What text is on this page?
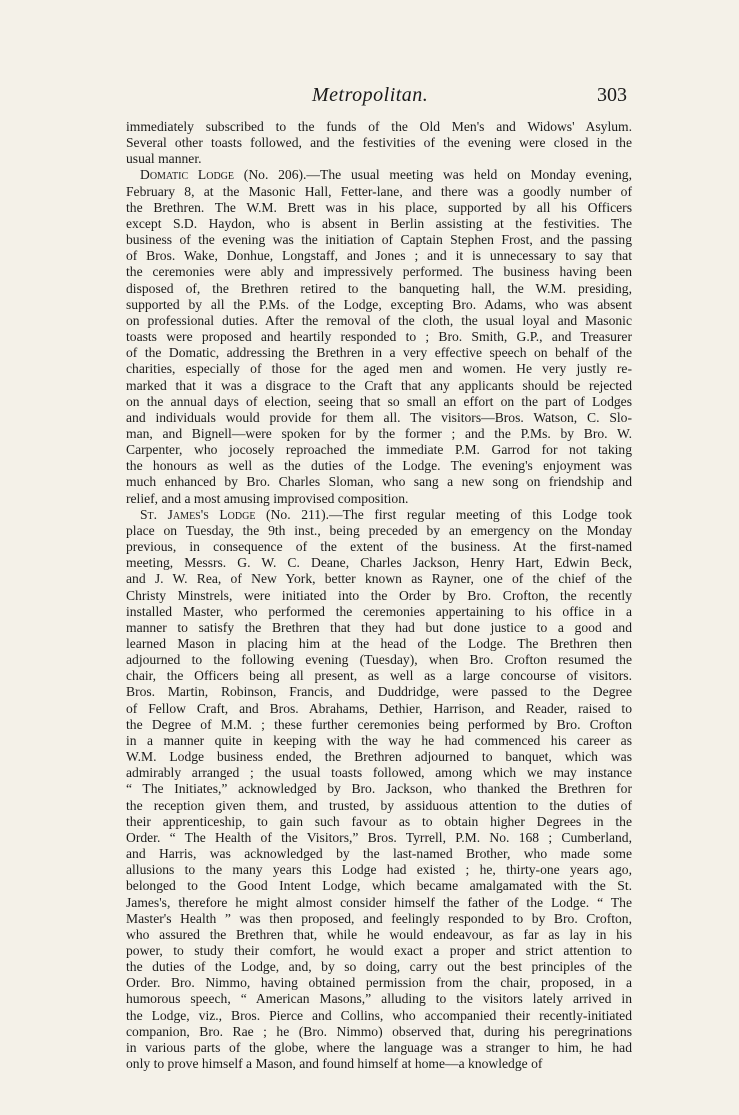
Metropolitan.	303

immediately subscribed to the funds of the Old Men's and Widows' Asylum.

Several other toasts followed, and the festivities of the evening were closed in the

usual manner.

Domatic Lodge (No. 206).—The usual meeting was held on Monday evening,

February 8, at the Masonic Hall, Fetter-lane, and there was a goodly number of

the Brethren. The W.M. Brett was in his place, supported by all his Officers

except S.D. Haydon, who is absent in Berlin assisting at the festivities. The

business of the evening was the initiation of Captain Stephen Frost, and the passing

of Bros. Wake, Donhue, Longstaff, and Jones ; and it is unnecessary to say that

the ceremonies were ably and impressively performed. The business having been

disposed of, the Brethren retired to the banqueting hall, the W.M. presiding,

supported by all the P.Ms. of the Lodge, excepting Bro. Adams, who was absent

on professional duties. After the removal of the cloth, the usual loyal and Masonic

toasts were proposed and heartily responded to ; Bro. Smith, G.P., and Treasurer

of the Domatic, addressing the Brethren in a very effective speech on behalf of the

charities, especially of those for the aged men and women. He very justly re-

marked that it was a disgrace to the Craft that any applicants should be rejected

on the annual days of election, seeing that so small an effort on the part of Lodges

and individuals would provide for them all. The visitors—Bros. Watson, C. Slo-

man, and Bignell—were spoken for by the former ; and the P.Ms. by Bro. W.

Carpenter, who jocosely reproached the immediate P.M. Garrod for not taking

the honours as well as the duties of the Lodge. The evening's enjoyment was

much enhanced by Bro. Charles Sloman, who sang a new song on friendship and

relief, and a most amusing improvised composition.

St. James's Lodge (No. 211).—The first regular meeting of this Lodge took

place on Tuesday, the 9th inst., being preceded by an emergency on the Monday

previous, in consequence of the extent of the business. At the first-named

meeting, Messrs. G. W. C. Deane, Charles Jackson, Henry Hart, Edwin Beck,

and J. W. Rea, of New York, better known as Rayner, one of the chief of the

Christy Minstrels, were initiated into the Order by Bro. Crofton, the recently

installed Master, who performed the ceremonies appertaining to his office in a

manner to satisfy the Brethren that they had but done justice to a good and

learned Mason in placing him at the head of the Lodge. The Brethren then

adjourned to the following evening (Tuesday), when Bro. Crofton resumed the

chair, the Officers being all present, as well as a large concourse of visitors.

Bros. Martin, Robinson, Francis, and Duddridge, were passed to the Degree

of Fellow Craft, and Bros. Abrahams, Dethier, Harrison, and Reader, raised to

the Degree of M.M. ; these further ceremonies being performed by Bro. Crofton

in a manner quite in keeping with the way he had commenced his career as

W.M. Lodge business ended, the Brethren adjourned to banquet, which was

admirably arranged ; the usual toasts followed, among which we may instance

“ The Initiates,” acknowledged by Bro. Jackson, who thanked the Brethren for

the reception given them, and trusted, by assiduous attention to the duties of

their apprenticeship, to gain such favour as to obtain higher Degrees in the

Order. “ The Health of the Visitors,” Bros. Tyrrell, P.M. No. 168 ; Cumberland,

and Harris, was acknowledged by the last-named Brother, who made some

allusions to the many years this Lodge had existed ; he, thirty-one years ago,

belonged to the Good Intent Lodge, which became amalgamated with the St.

James's, therefore he might almost consider himself the father of the Lodge. “ The

Master's Health ” was then proposed, and feelingly responded to by Bro. Crofton,

who assured the Brethren that, while he would endeavour, as far as lay in his

power, to study their comfort, he would exact a proper and strict attention to

the duties of the Lodge, and, by so doing, carry out the best principles of the

Order. Bro. Nimmo, having obtained permission from the chair, proposed, in a

humorous speech, “ American Masons,” alluding to the visitors lately arrived in

the Lodge, viz., Bros. Pierce and Collins, who accompanied their recently-initiated

companion, Bro. Rae ; he (Bro. Nimmo) observed that, during his peregrinations

in various parts of the globe, where the language was a stranger to him, he had

only to prove himself a Mason, and found himself at home—a knowledge of
